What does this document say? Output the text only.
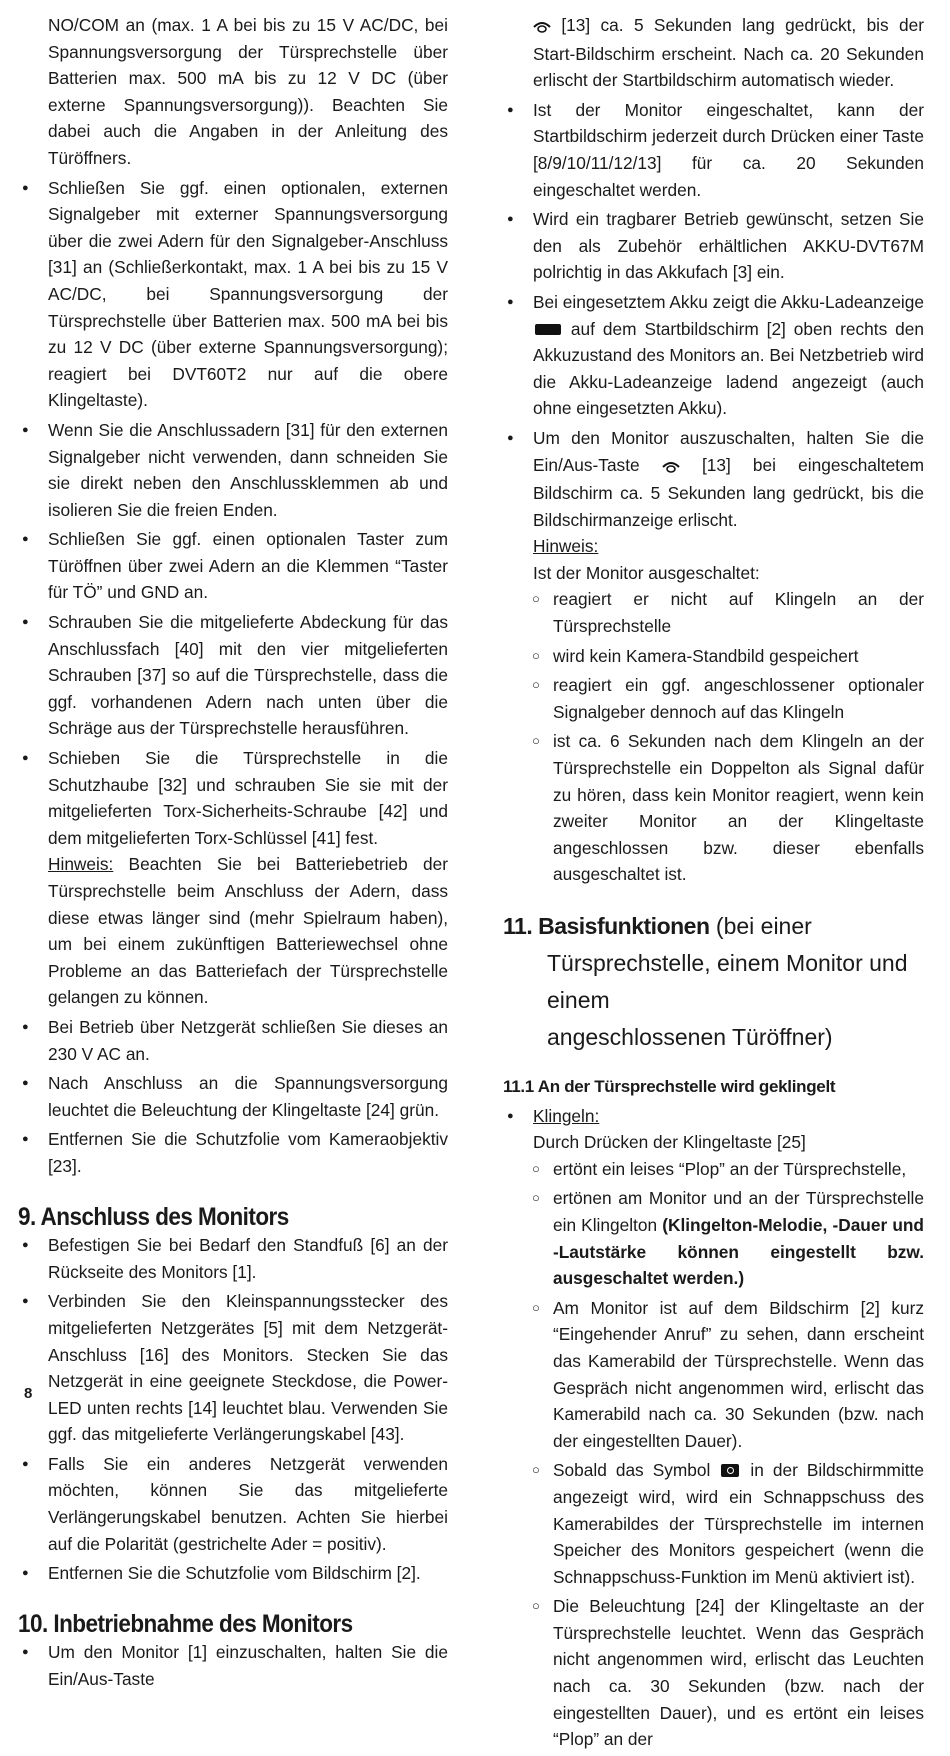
NO/COM an (max. 1 A bei bis zu 15 V AC/DC, bei Spannungsversorgung der Türsprechstelle über Batterien max. 500 mA bis zu 12 V DC (über externe Spannungsversorgung)). Beachten Sie dabei auch die Angaben in der Anleitung des Türöffners.

● Schließen Sie ggf. einen optionalen, externen Signalgeber mit externer Spannungsversorgung über die zwei Adern für den Signalgeber-Anschluss [31] an (Schließerkontakt, max. 1 A bei bis zu 15 V AC/DC, bei Spannungsversorgung der Türsprechstelle über Batterien max. 500 mA bei bis zu 12 V DC (über externe Spannungsversorgung); reagiert bei DVT60T2 nur auf die obere Klingeltaste).

● Wenn Sie die Anschlussadern [31] für den externen Signalgeber nicht verwenden, dann schneiden Sie sie direkt neben den Anschlussklemmen ab und isolieren Sie die freien Enden.

● Schließen Sie ggf. einen optionalen Taster zum Türöffnen über zwei Adern an die Klemmen “Taster für TÖ” und GND an.

● Schrauben Sie die mitgelieferte Abdeckung für das Anschlussfach [40] mit den vier mitgelieferten Schrauben [37] so auf die Türsprechstelle, dass die ggf. vorhandenen Adern nach unten über die Schräge aus der Türsprechstelle herausführen.

● Schieben Sie die Türsprechstelle in die Schutzhaube [32] und schrauben Sie sie mit der mitgelieferten Torx-Sicherheits-Schraube [42] und dem mitgelieferten Torx-Schlüssel [41] fest.
Hinweis: Beachten Sie bei Batteriebetrieb der Türsprechstelle beim Anschluss der Adern, dass diese etwas länger sind (mehr Spielraum haben), um bei einem zukünftigen Batteriewechsel ohne Probleme an das Batteriefach der Türsprechstelle gelangen zu können.

● Bei Betrieb über Netzgerät schließen Sie dieses an 230 V AC an.

● Nach Anschluss an die Spannungsversorgung leuchtet die Beleuchtung der Klingeltaste [24] grün.

● Entfernen Sie die Schutzfolie vom Kameraobjektiv [23].

9. Anschluss des Monitors

● Befestigen Sie bei Bedarf den Standfuß [6] an der Rückseite des Monitors [1].

● Verbinden Sie den Kleinspannungsstecker des mitgelieferten Netzgerätes [5] mit dem Netzgerät-Anschluss [16] des Monitors. Stecken Sie das Netzgerät in eine geeignete Steckdose, die Power-LED unten rechts [14] leuchtet blau. Verwenden Sie ggf. das mitgelieferte Verlängerungskabel [43].

● Falls Sie ein anderes Netzgerät verwenden möchten, können Sie das mitgelieferte Verlängerungskabel benutzen. Achten Sie hierbei auf die Polarität (gestrichelte Ader = positiv).

● Entfernen Sie die Schutzfolie vom Bildschirm [2].

10. Inbetriebnahme des Monitors

● Um den Monitor [1] einzuschalten, halten Sie die Ein/Aus-Taste

[13] ca. 5 Sekunden lang gedrückt, bis der Start-Bildschirm erscheint. Nach ca. 20 Sekunden erlischt der Startbildschirm automatisch wieder.

● Ist der Monitor eingeschaltet, kann der Startbildschirm jederzeit durch Drücken einer Taste [8/9/10/11/12/13] für ca. 20 Sekunden eingeschaltet werden.

● Wird ein tragbarer Betrieb gewünscht, setzen Sie den als Zubehör erhältlichen AKKU-DVT67M polrichtig in das Akkufach [3] ein.

● Bei eingesetztem Akku zeigt die Akku-Ladeanzeige  auf dem Startbildschirm [2] oben rechts den Akkuzustand des Monitors an. Bei Netzbetrieb wird die Akku-Ladeanzeige ladend angezeigt (auch ohne eingesetzten Akku).

● Um den Monitor auszuschalten, halten Sie die Ein/Aus-Taste  [13] bei eingeschaltetem Bildschirm ca. 5 Sekunden lang gedrückt, bis die Bildschirmanzeige erlischt.
Hinweis:
Ist der Monitor ausgeschaltet:

○ reagiert er nicht auf Klingeln an der Türsprechstelle

○ wird kein Kamera-Standbild gespeichert

○ reagiert ein ggf. angeschlossener optionaler Signalgeber dennoch auf das Klingeln

○ ist ca. 6 Sekunden nach dem Klingeln an der Türsprechstelle ein Doppelton als Signal dafür zu hören, dass kein Monitor reagiert, wenn kein zweiter Monitor an der Klingeltaste angeschlossen bzw. dieser ebenfalls ausgeschaltet ist.

11. Basisfunktionen (bei einer
Türsprechstelle, einem Monitor und einem
angeschlossenen Türöffner)
11.1 An der Türsprechstelle wird geklingelt
● Klingeln:
Durch Drücken der Klingeltaste [25]

○ ertönt ein leises “Plop” an der Türsprechstelle,

○ ertönen am Monitor und an der Türsprechstelle ein Klingelton (Klingelton-Melodie, -Dauer und -Lautstärke können eingestellt bzw. ausgeschaltet werden.)

○ Am Monitor ist auf dem Bildschirm [2] kurz “Eingehender Anruf” zu sehen, dann erscheint das Kamerabild der Türsprechstelle. Wenn das Gespräch nicht angenommen wird, erlischt das Kamerabild nach ca. 30 Sekunden (bzw. nach der eingestellten Dauer).

○ Sobald das Symbol  in der Bildschirmmitte angezeigt wird, wird ein Schnappschuss des Kamerabildes der Türsprechstelle im internen Speicher des Monitors gespeichert (wenn die Schnappschuss-Funktion im Menü aktiviert ist).

○ Die Beleuchtung [24] der Klingeltaste an der Türsprechstelle leuchtet. Wenn das Gespräch nicht angenommen wird, erlischt das Leuchten nach ca. 30 Sekunden (bzw. nach der eingestellten Dauer), und es ertönt ein leises “Plop” an der

8
